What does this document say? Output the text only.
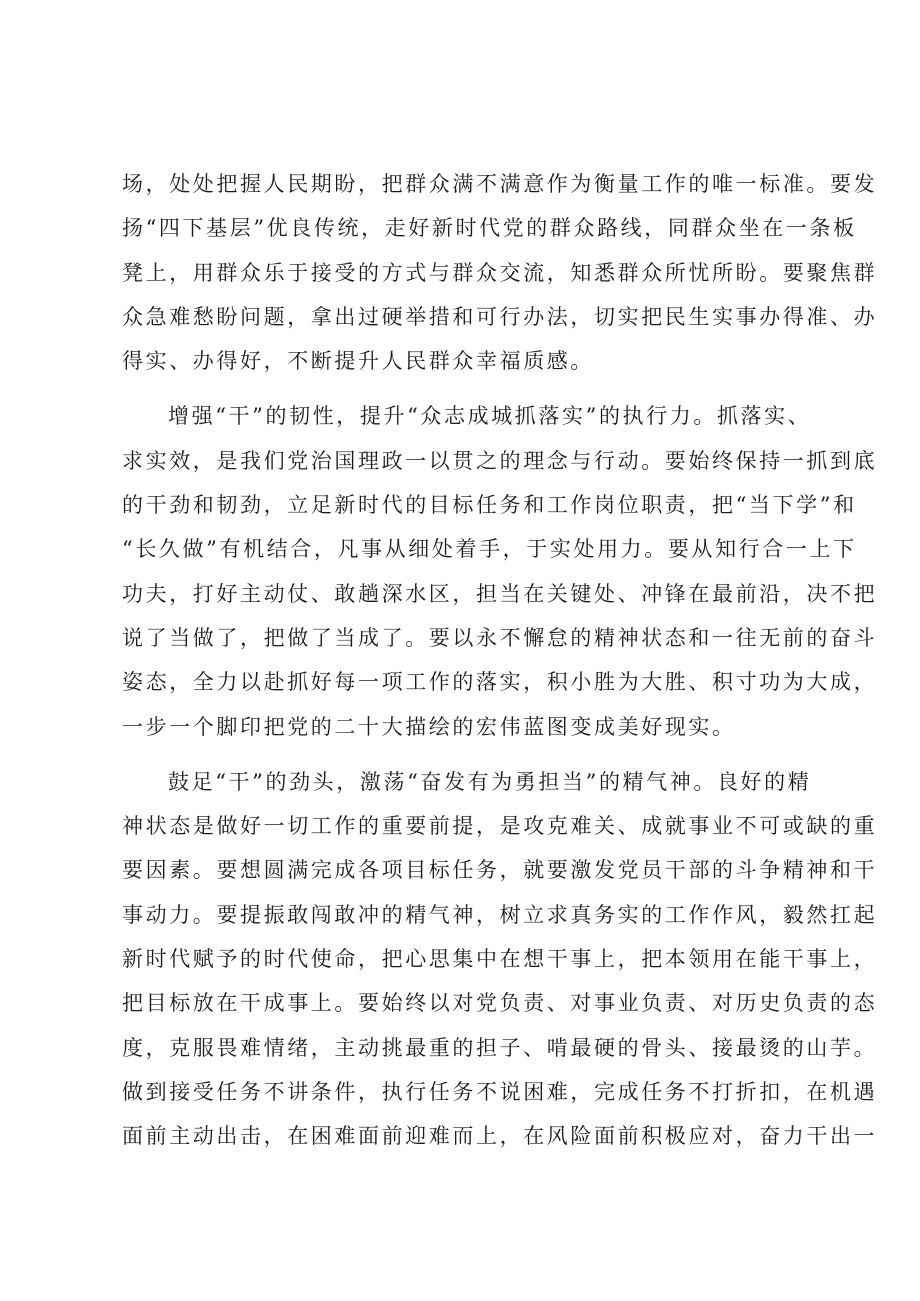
场，处处把握人民期盼，把群众满不满意作为衡量工作的唯一标准。要发
扬“四下基层”优良传统，走好新时代党的群众路线，同群众坐在一条板
凳上，用群众乐于接受的方式与群众交流，知悉群众所忧所盼。要聚焦群
众急难愁盼问题，拿出过硬举措和可行办法，切实把民生实事办得准、办
得实、办得好，不断提升人民群众幸福质感。
增强“干”的韧性，提升“众志成城抓落实”的执行力。抓落实、
求实效，是我们党治国理政一以贯之的理念与行动。要始终保持一抓到底
的干劲和韧劲，立足新时代的目标任务和工作岗位职责，把“当下学”和
“长久做”有机结合，凡事从细处着手，于实处用力。要从知行合一上下
功夫，打好主动仗、敢趟深水区，担当在关键处、冲锋在最前沿，决不把
说了当做了，把做了当成了。要以永不懈怠的精神状态和一往无前的奋斗
姿态，全力以赴抓好每一项工作的落实，积小胜为大胜、积寸功为大成，
一步一个脚印把党的二十大描绘的宏伟蓝图变成美好现实。
鼓足“干”的劲头，激荡“奋发有为勇担当”的精气神。良好的精
神状态是做好一切工作的重要前提，是攻克难关、成就事业不可或缺的重
要因素。要想圆满完成各项目标任务，就要激发党员干部的斗争精神和干
事动力。要提振敢闯敢冲的精气神，树立求真务实的工作作风，毅然扛起
新时代赋予的时代使命，把心思集中在想干事上，把本领用在能干事上，
把目标放在干成事上。要始终以对党负责、对事业负责、对历史负责的态
度，克服畏难情绪，主动挑最重的担子、啃最硬的骨头、接最烫的山芋。
做到接受任务不讲条件，执行任务不说困难，完成任务不打折扣，在机遇
面前主动出击，在困难面前迎难而上，在风险面前积极应对，奋力干出一
